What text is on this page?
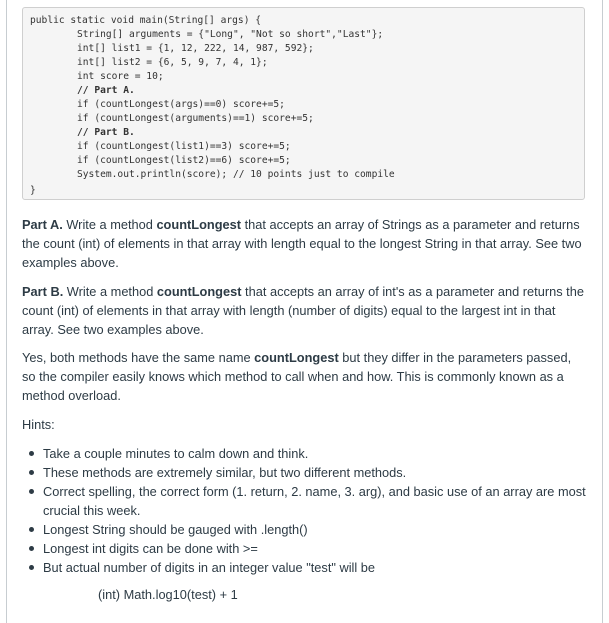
public static void main(String[] args) {
String[] arguments = {"Long", "Not so short","Last"};
int[] list1 = {1, 12, 222, 14, 987, 592};
int[] list2 = {6, 5, 9, 7, 4, 1};
int score = 10;
// Part A.
if (countLongest(args)==0) score+=5;
if (countLongest(arguments)==1) score+=5;
// Part B.
if (countLongest(list1)==3) score+=5;
if (countLongest(list2)==6) score+=5;
System.out.println(score); // 10 points just to compile
}

Part A. Write a method countLongest that accepts an array of Strings as a parameter and returns the count (int) of elements in that array with length equal to the longest String in that array. See two examples above.

Part B. Write a method countLongest that accepts an array of int's as a parameter and returns the count (int) of elements in that array with length (number of digits) equal to the largest int in that array. See two examples above.

Yes, both methods have the same name countLongest but they differ in the parameters passed, so the compiler easily knows which method to call when and how. This is commonly known as a method overload.

Hints:

Take a couple minutes to calm down and think.
These methods are extremely similar, but two different methods.
Correct spelling, the correct form (1. return, 2. name, 3. arg), and basic use of an array are most crucial this week.
Longest String should be gauged with .length()
Longest int digits can be done with >=
But actual number of digits in an integer value "test" will be
(int) Math.log10(test) + 1
